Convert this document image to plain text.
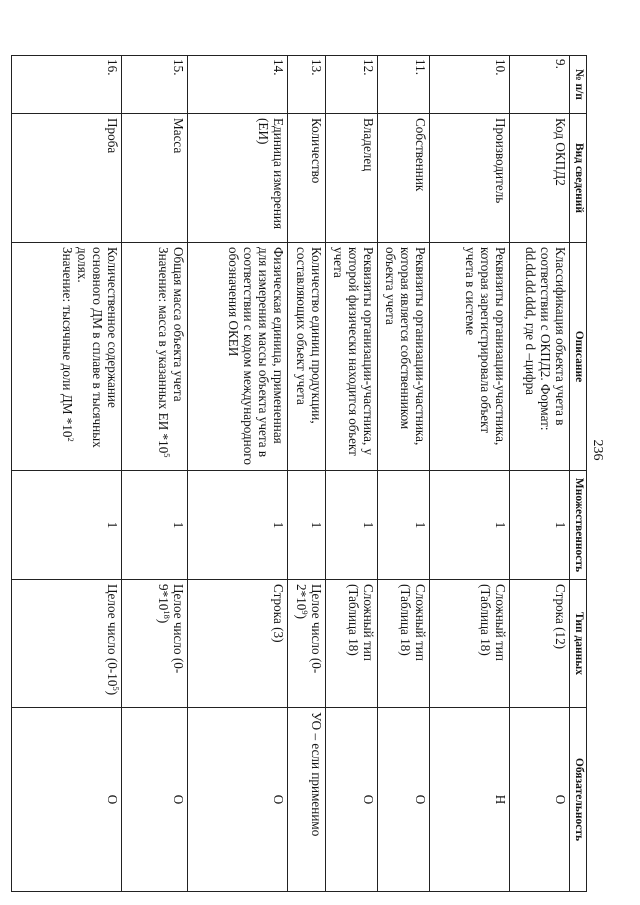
236
№ п/п	Вид сведений	Описание	Множественность	Тип данных	Обязательность
9.	Код ОКПД2	Классификация объекта учета в соответствии с ОКПД2. Формат: dd.dd.dd.ddd, где d –цифра	1	Строка (12)	О
10.	Производитель	Реквизиты организации-участника, которая зарегистрировала объект учета в системе	1	Сложный тип (Таблица 18)	Н
11.	Собственник	Реквизиты организации-участника, которая является собственником объекта учета	1	Сложный тип (Таблица 18)	О
12.	Владелец	Реквизиты организации-участника, у которой физически находится объект учета	1	Сложный тип (Таблица 18)	О
13.	Количество	Количество единиц продукции, составляющих объект учета	1	Целое число $(0-2*10^9)$	УО – если применимо
14.	Единица измерения (ЕИ)	Физическая единица, примененная для измерения массы объекта учета в соответствии с кодом международного обозначения ОКЕИ	1	Строка (3)	О
15.	Масса	Общая масса объекта учета
Значение: масса в указанных ЕИ $*10^5$	1	Целое число $(0-9*10^{18})$	О
16.	Проба	Количественное содержание основного ДМ в сплаве в тысячных долях.
Значение: тысячные доли ДМ $*10^2$	1	Целое число $(0-10^5)$	О
